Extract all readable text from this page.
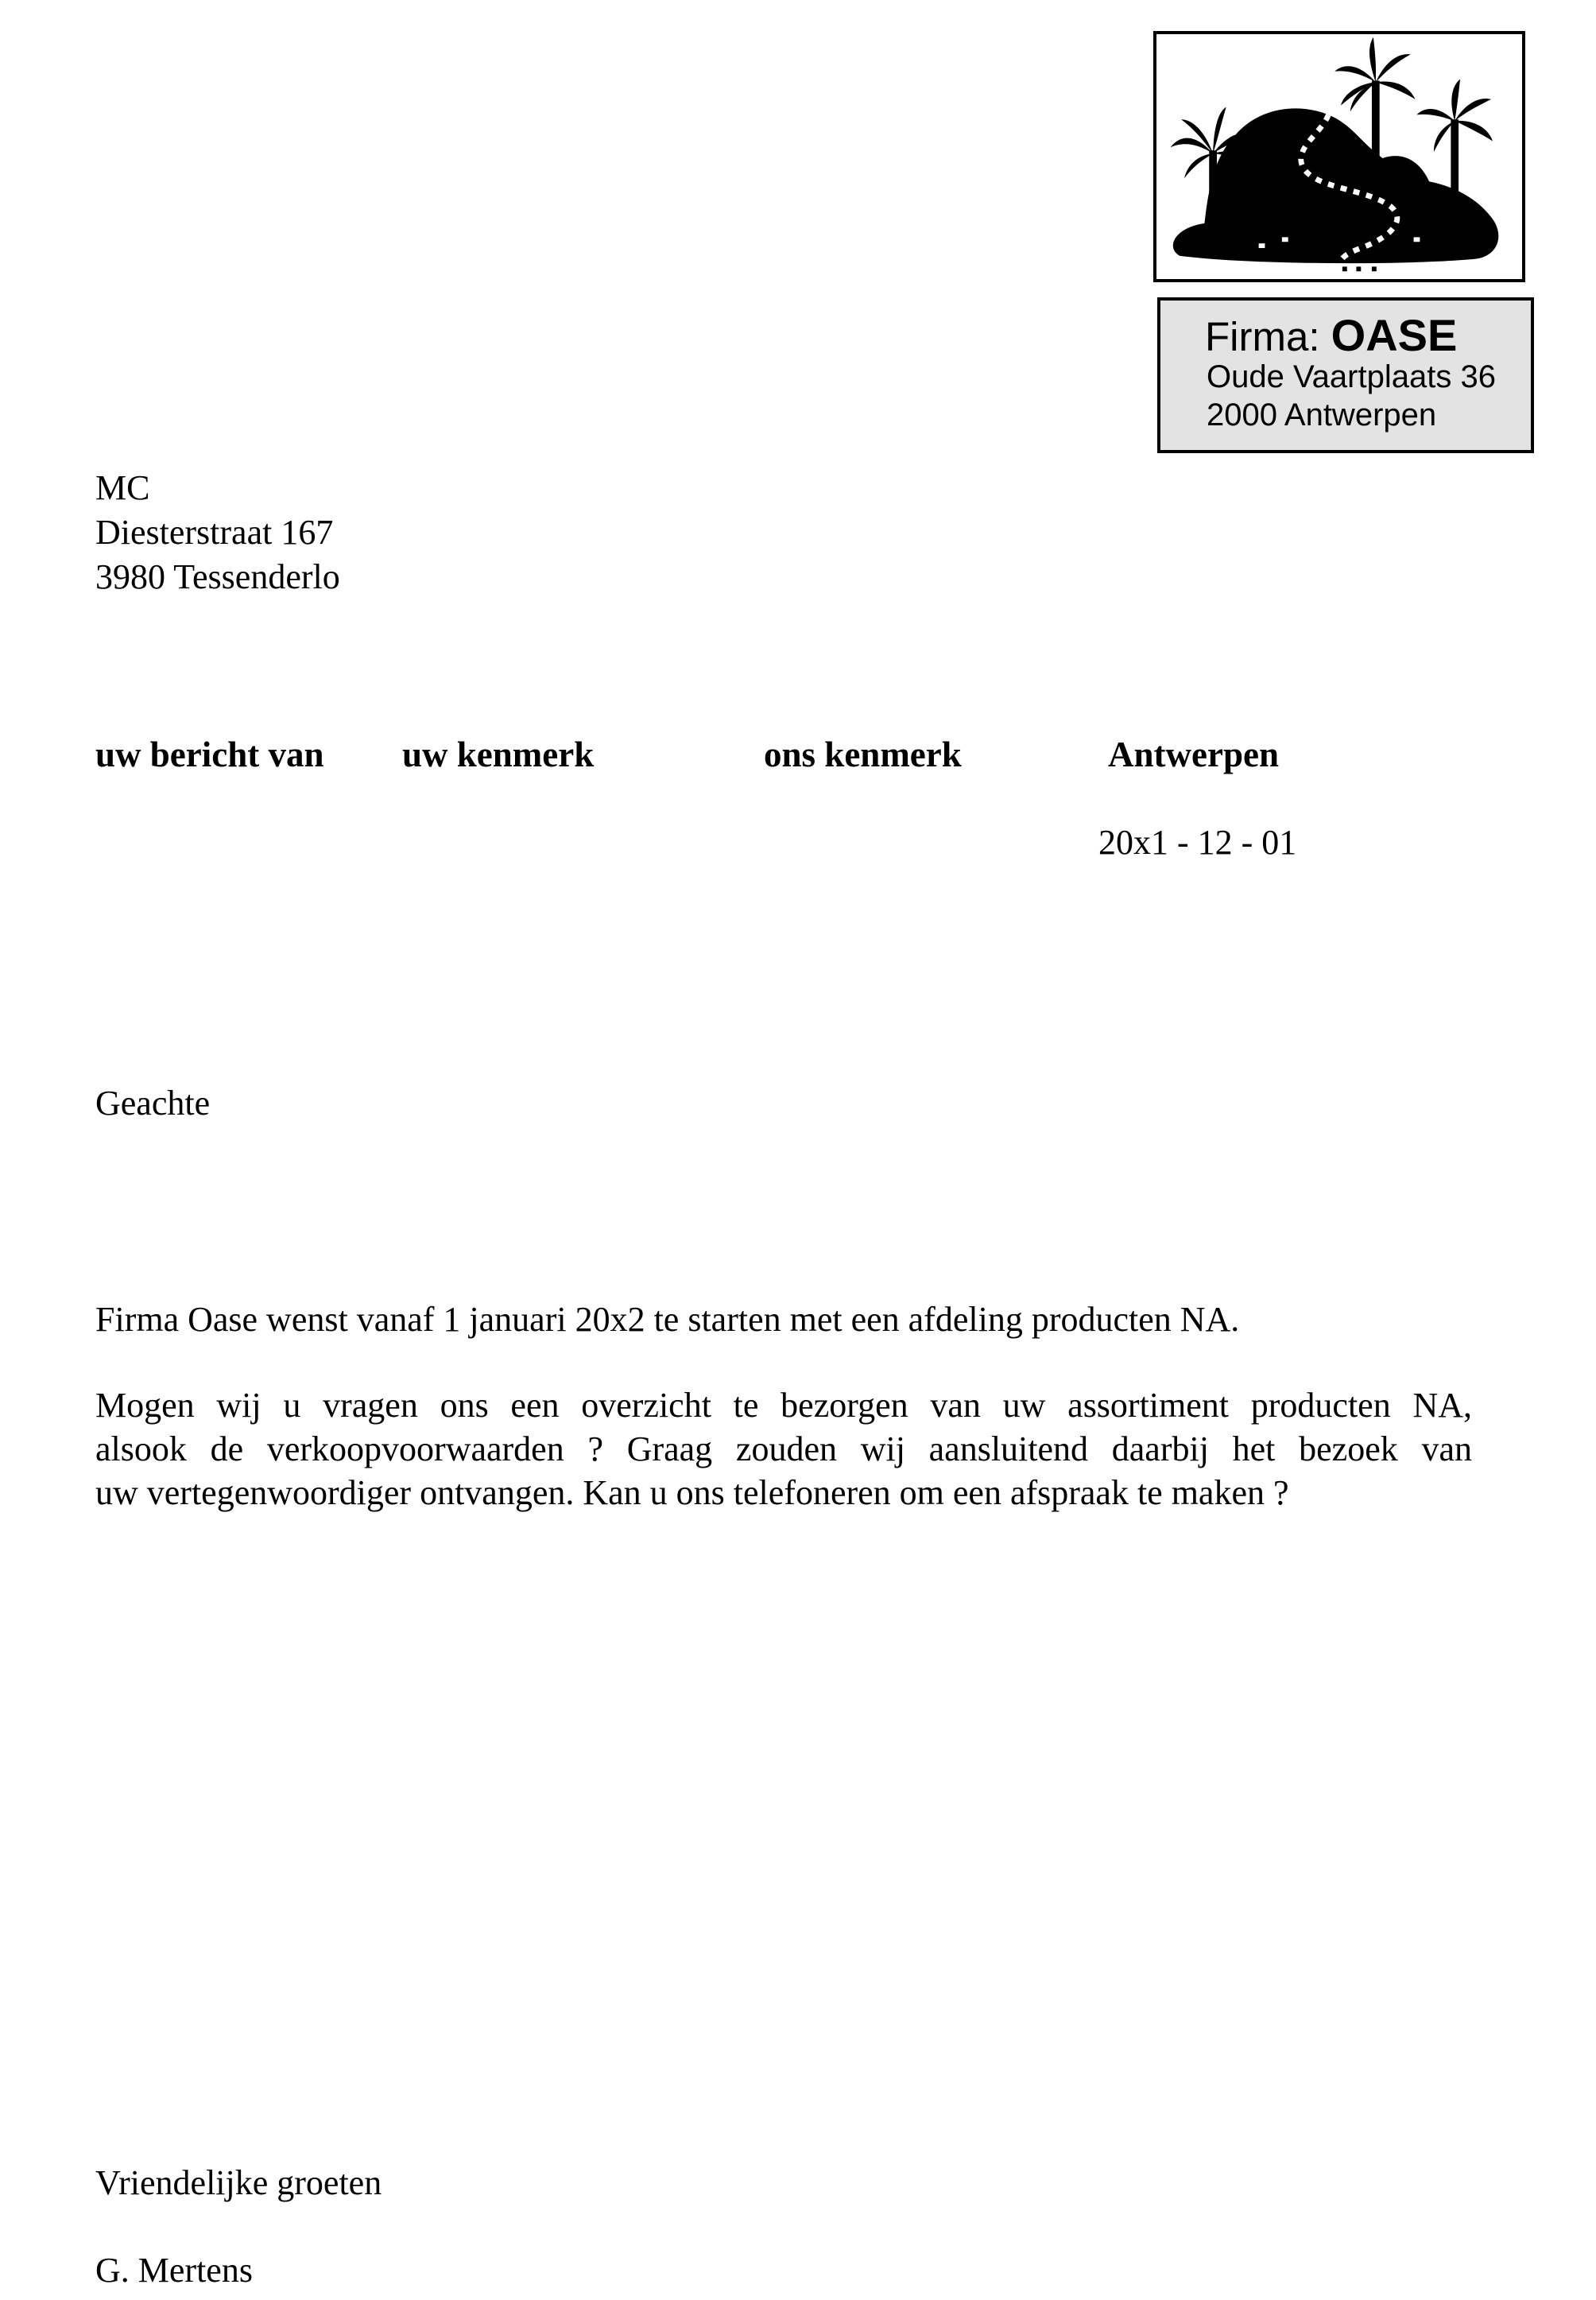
Firma: OASE
Oude Vaartplaats 36
2000 Antwerpen
MC
Diesterstraat 167
3980 Tessenderlo
uw bericht van uw kenmerk	ons kenmerk	Antwerpen
20x1 - 12 - 01
Geachte
Firma Oase wenst vanaf 1 januari 20x2 te starten met een afdeling producten NA.
Mogen wij u vragen ons een overzicht te bezorgen van uw assortiment producten NA,
alsook de verkoopvoorwaarden ? Graag zouden wij aansluitend daarbij het bezoek van
uw vertegenwoordiger ontvangen. Kan u ons telefoneren om een afspraak te maken ?
Vriendelijke groeten
G. Mertens
